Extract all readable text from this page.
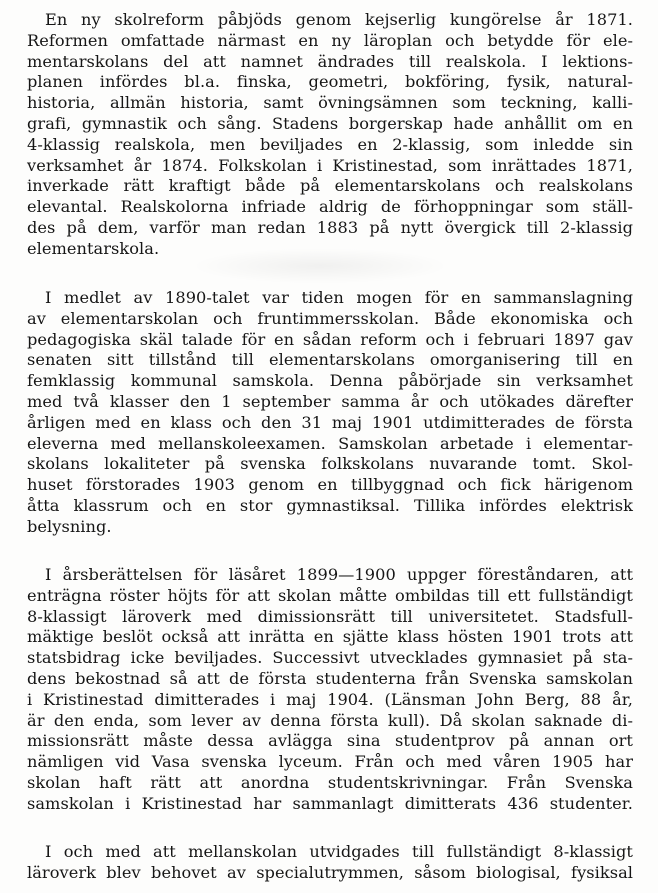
En ny skolreform påbjöds genom kejserlig kungörelse år 1871.
Reformen omfattade närmast en ny läroplan och betydde för ele-
mentarskolans del att namnet ändrades till realskola. I lektions-
planen infördes bl.a. finska, geometri, bokföring, fysik, natural-
historia, allmän historia, samt övningsämnen som teckning, kalli-
grafi, gymnastik och sång. Stadens borgerskap hade anhållit om en
4-klassig realskola, men beviljades en 2-klassig, som inledde sin
verksamhet år 1874. Folkskolan i Kristinestad, som inrättades 1871,
inverkade rätt kraftigt både på elementarskolans och realskolans
elevantal. Realskolorna infriade aldrig de förhoppningar som ställ-
des på dem, varför man redan 1883 på nytt övergick till 2-klassig
elementarskola.
I medlet av 1890-talet var tiden mogen för en sammanslagning
av elementarskolan och fruntimmersskolan. Både ekonomiska och
pedagogiska skäl talade för en sådan reform och i februari 1897 gav
senaten sitt tillstånd till elementarskolans omorganisering till en
femklassig kommunal samskola. Denna påbörjade sin verksamhet
med två klasser den 1 september samma år och utökades därefter
årligen med en klass och den 31 maj 1901 utdimitterades de första
eleverna med mellanskoleexamen. Samskolan arbetade i elementar-
skolans lokaliteter på svenska folkskolans nuvarande tomt. Skol-
huset förstorades 1903 genom en tillbyggnad och fick härigenom
åtta klassrum och en stor gymnastiksal. Tillika infördes elektrisk
belysning.
I årsberättelsen för läsåret 1899—1900 uppger föreståndaren, att
enträgna röster höjts för att skolan måtte ombildas till ett fullständigt
8-klassigt läroverk med dimissionsrätt till universitetet. Stadsfull-
mäktige beslöt också att inrätta en sjätte klass hösten 1901 trots att
statsbidrag icke beviljades. Successivt utvecklades gymnasiet på sta-
dens bekostnad så att de första studenterna från Svenska samskolan
i Kristinestad dimitterades i maj 1904. (Länsman John Berg, 88 år,
är den enda, som lever av denna första kull). Då skolan saknade di-
missionsrätt måste dessa avlägga sina studentprov på annan ort
nämligen vid Vasa svenska lyceum. Från och med våren 1905 har
skolan haft rätt att anordna studentskrivningar. Från Svenska
samskolan i Kristinestad har sammanlagt dimitterats 436 studenter.
I och med att mellanskolan utvidgades till fullständigt 8-klassigt
läroverk blev behovet av specialutrymmen, såsom biologisal, fysiksal
